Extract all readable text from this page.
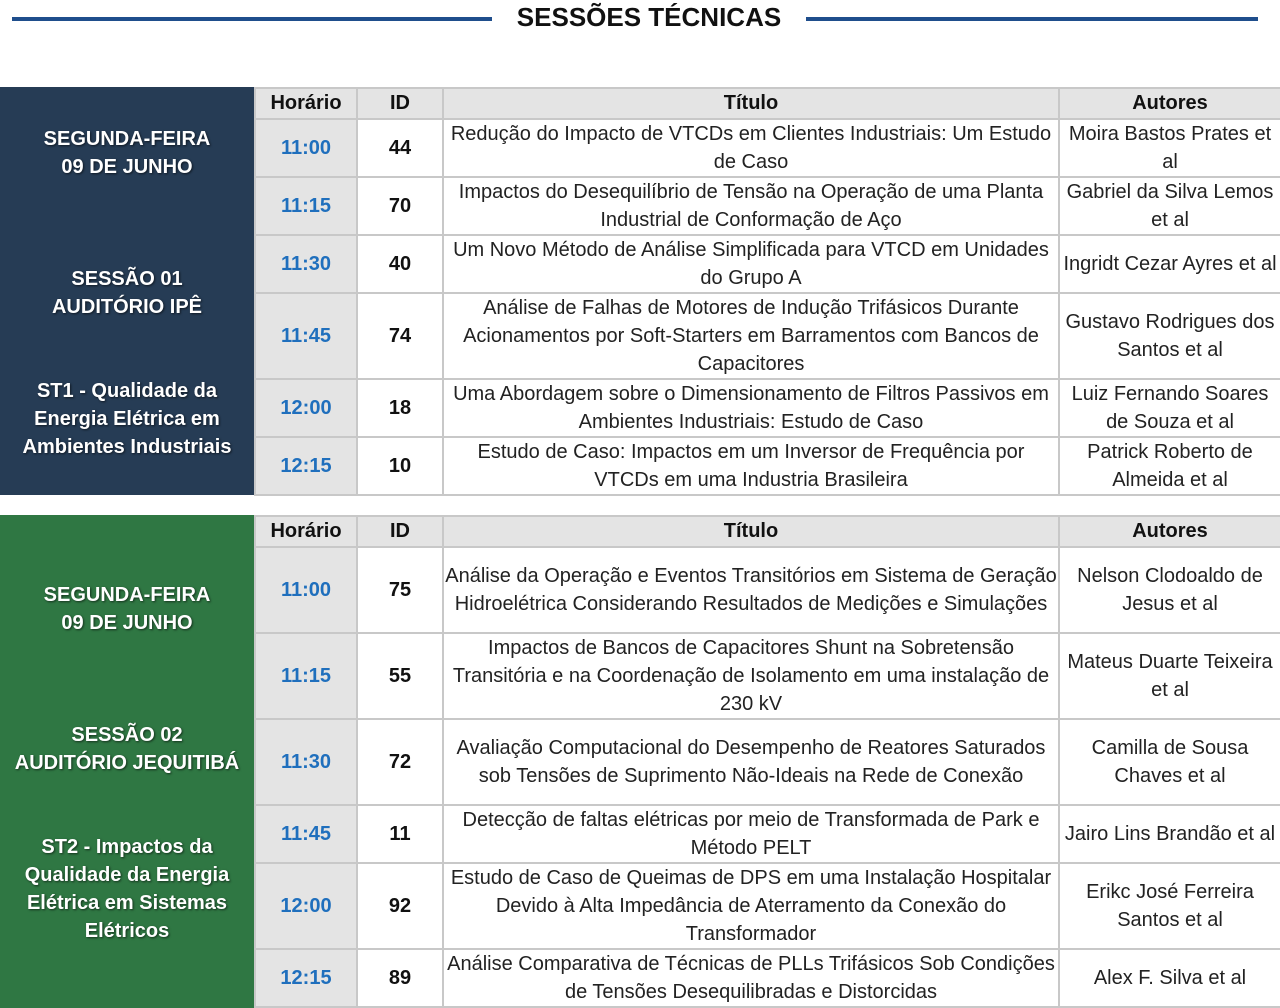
SESSÕES TÉCNICAS
SEGUNDA-FEIRA
09 DE JUNHO
SESSÃO 01
AUDITÓRIO IPÊ
ST1 - Qualidade da
Energia Elétrica em
Ambientes Industriais
Horário	ID	Título	Autores
11:00	44	Redução do Impacto de VTCDs em Clientes Industriais: Um Estudo de Caso	Moira Bastos Prates et al
11:15	70	Impactos do Desequilíbrio de Tensão na Operação de uma Planta Industrial de Conformação de Aço	Gabriel da Silva Lemos et al
11:30	40	Um Novo Método de Análise Simplificada para VTCD em Unidades do Grupo A	Ingridt Cezar Ayres et al
11:45	74	Análise de Falhas de Motores de Indução Trifásicos Durante Acionamentos por Soft-Starters em Barramentos com Bancos de Capacitores	Gustavo Rodrigues dos Santos et al
12:00	18	Uma Abordagem sobre o Dimensionamento de Filtros Passivos em Ambientes Industriais: Estudo de Caso	Luiz Fernando Soares de Souza et al
12:15	10	Estudo de Caso: Impactos em um Inversor de Frequência por VTCDs em uma Industria Brasileira	Patrick Roberto de Almeida et al
SEGUNDA-FEIRA
09 DE JUNHO
SESSÃO 02
AUDITÓRIO JEQUITIBÁ
ST2 - Impactos da
Qualidade da Energia
Elétrica em Sistemas
Elétricos
Horário	ID	Título	Autores
11:00	75	Análise da Operação e Eventos Transitórios em Sistema de Geração Hidroelétrica Considerando Resultados de Medições e Simulações	Nelson Clodoaldo de Jesus et al
11:15	55	Impactos de Bancos de Capacitores Shunt na Sobretensão Transitória e na Coordenação de Isolamento em uma instalação de 230 kV	Mateus Duarte Teixeira et al
11:30	72	Avaliação Computacional do Desempenho de Reatores Saturados sob Tensões de Suprimento Não-Ideais na Rede de Conexão	Camilla de Sousa Chaves et al
11:45	11	Detecção de faltas elétricas por meio de Transformada de Park e Método PELT	Jairo Lins Brandão et al
12:00	92	Estudo de Caso de Queimas de DPS em uma Instalação Hospitalar Devido à Alta Impedância de Aterramento da Conexão do Transformador	Erikc José Ferreira Santos et al
12:15	89	Análise Comparativa de Técnicas de PLLs Trifásicos Sob Condições de Tensões Desequilibradas e Distorcidas	Alex F. Silva et al
